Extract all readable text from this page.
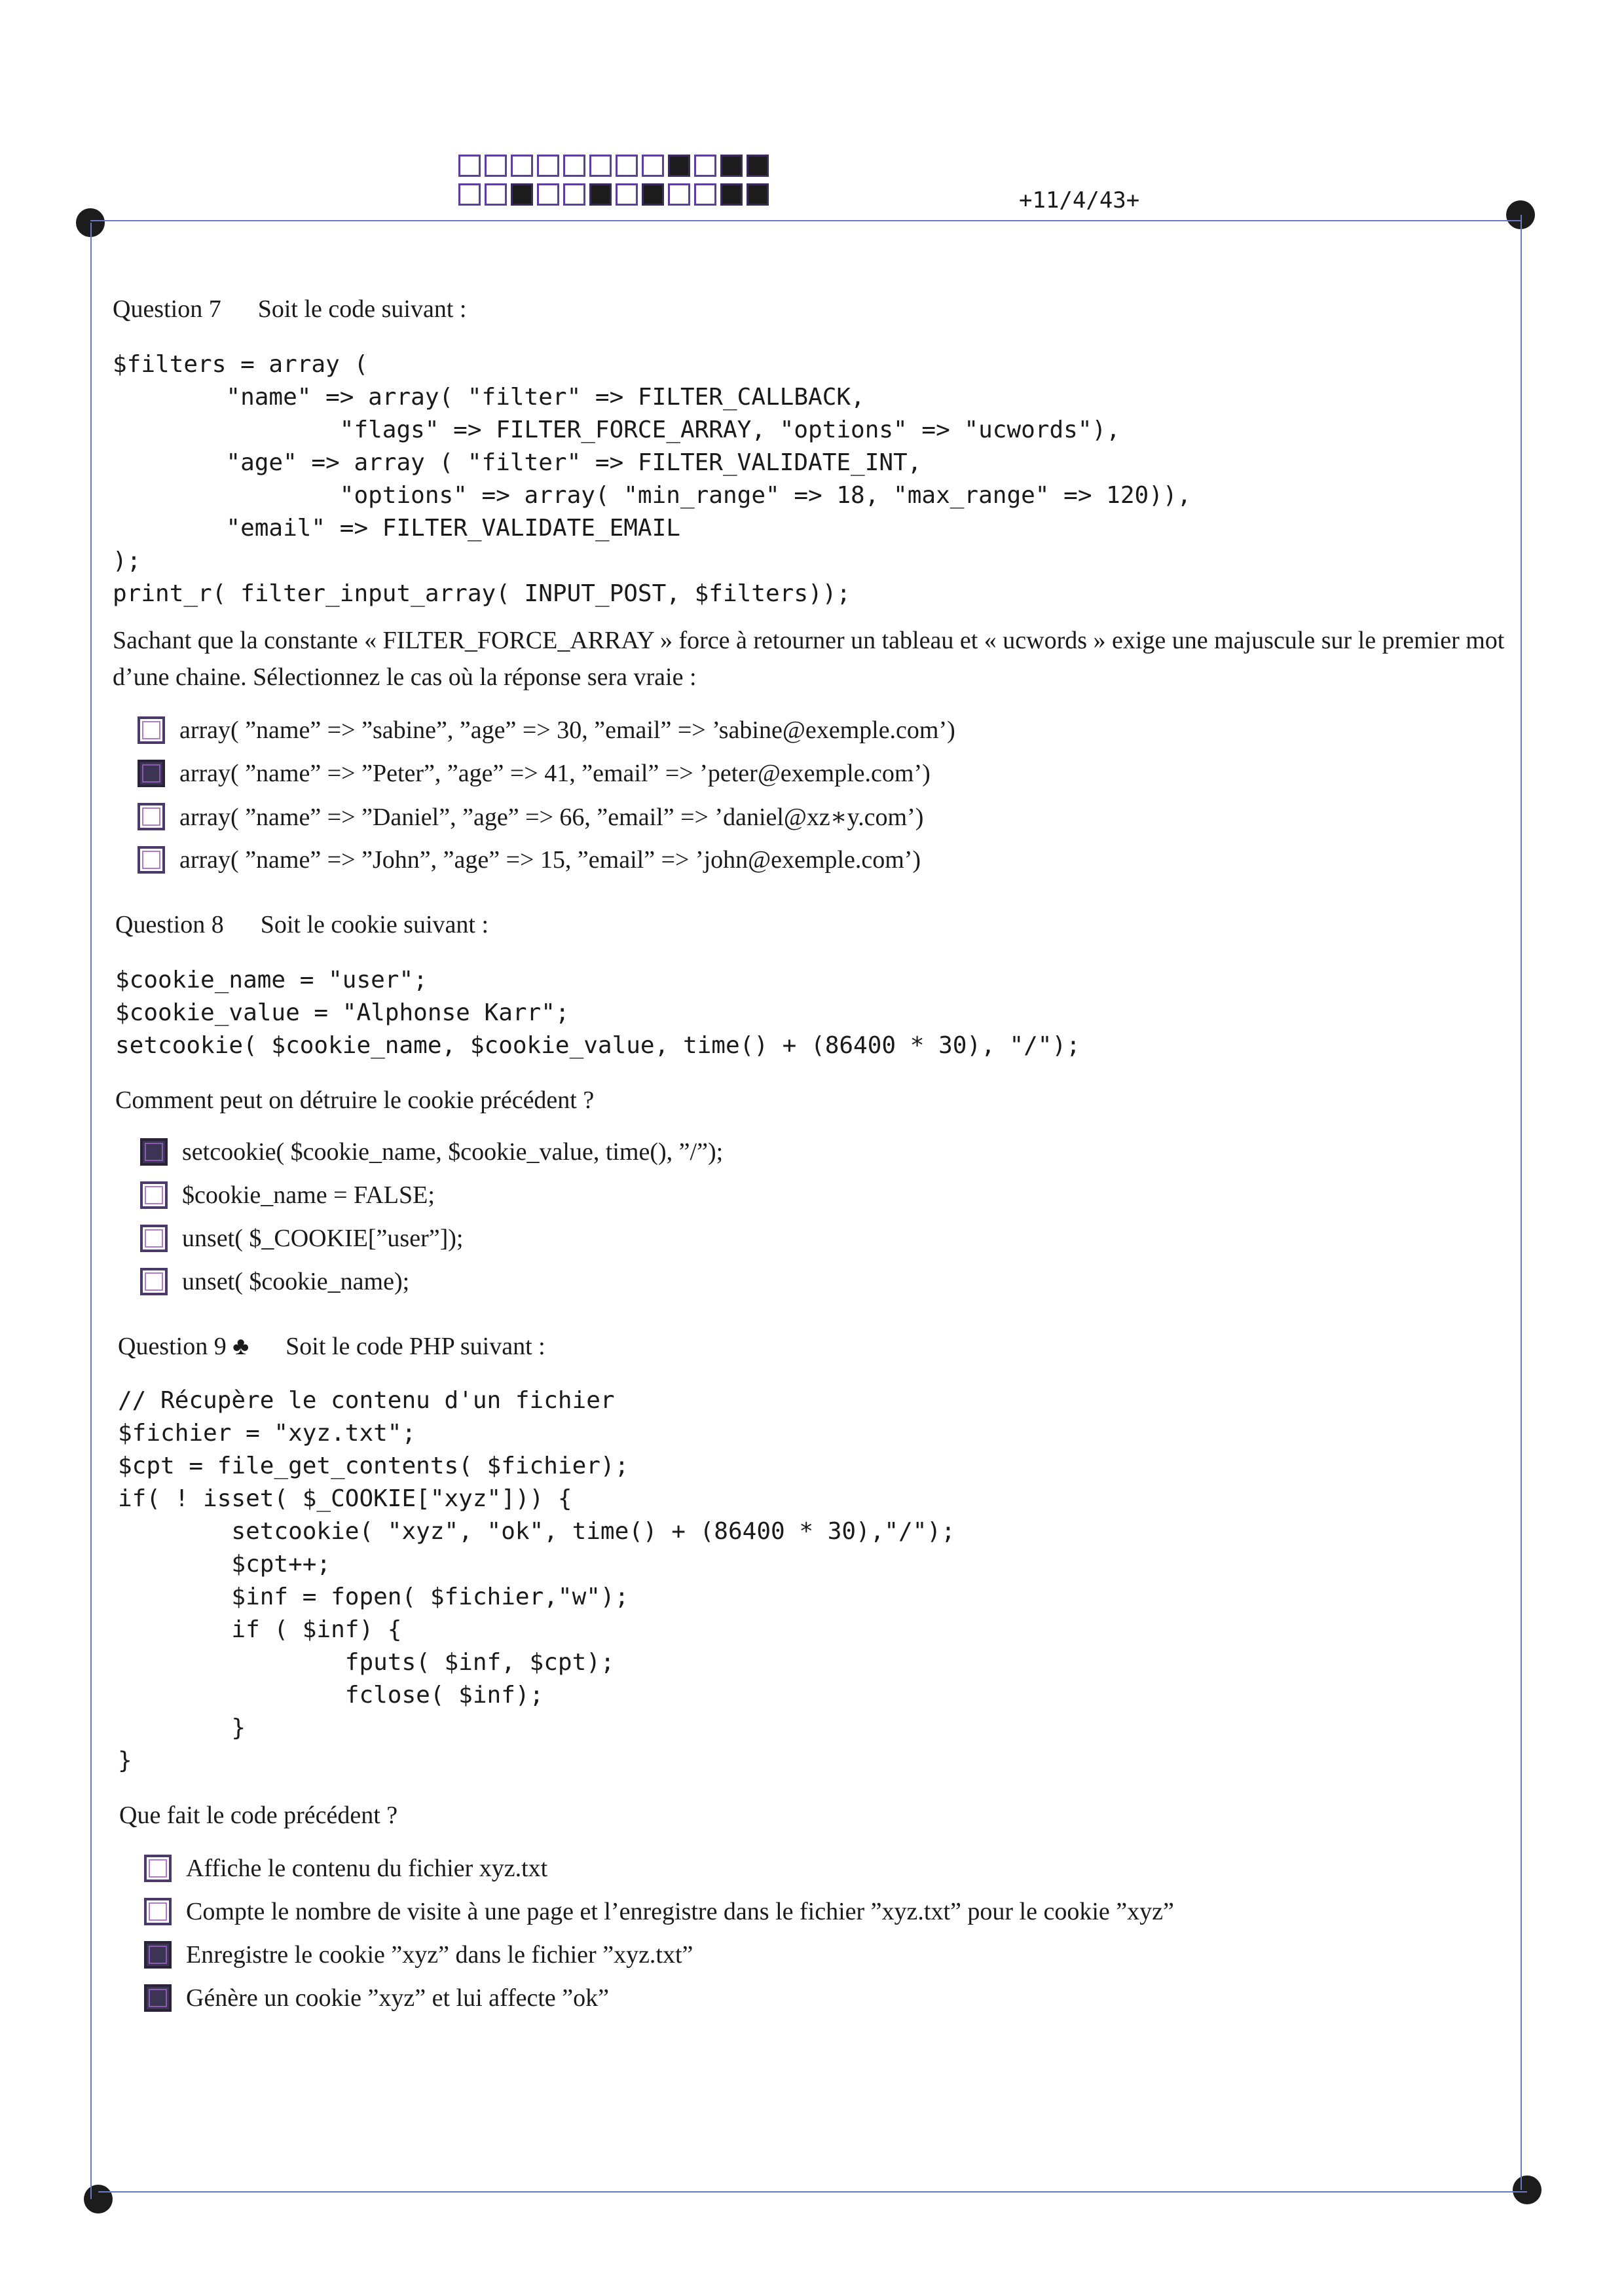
+11/4/43+
Question 7 Soit le code suivant :
$filters = array (
"name" => array( "filter" => FILTER_CALLBACK,
"flags" => FILTER_FORCE_ARRAY, "options" => "ucwords"),
"age" => array ( "filter" => FILTER_VALIDATE_INT,
"options" => array( "min_range" => 18, "max_range" => 120)),
"email" => FILTER_VALIDATE_EMAIL
);
print_r( filter_input_array( INPUT_POST, $filters));
Sachant que la constante « FILTER_FORCE_ARRAY » force à retourner un tableau et « ucwords » exige une majuscule sur le premier mot d’une chaine. Sélectionnez le cas où la réponse sera vraie :
array( ”name” => ”sabine”, ”age” => 30, ”email” => ’sabine@exemple.com’)
array( ”name” => ”Peter”, ”age” => 41, ”email” => ’peter@exemple.com’)
array( ”name” => ”Daniel”, ”age” => 66, ”email” => ’daniel@xz∗y.com’)
array( ”name” => ”John”, ”age” => 15, ”email” => ’john@exemple.com’)
Question 8 Soit le cookie suivant :
$cookie_name = "user";
$cookie_value = "Alphonse Karr";
setcookie( $cookie_name, $cookie_value, time() + (86400 * 30), "/");
Comment peut on détruire le cookie précédent ?
setcookie( $cookie_name, $cookie_value, time(), ”/”);
$cookie_name = FALSE;
unset( $_COOKIE[”user”]);
unset( $cookie_name);
Question 9 ♣ Soit le code PHP suivant :
// Récupère le contenu d'un fichier
$fichier = "xyz.txt";
$cpt = file_get_contents( $fichier);
if( ! isset( $_COOKIE["xyz"])) {
setcookie( "xyz", "ok", time() + (86400 * 30),"/");
$cpt++;
$inf = fopen( $fichier,"w");
if ( $inf) {
fputs( $inf, $cpt);
fclose( $inf);
}
}
Que fait le code précédent ?
Affiche le contenu du fichier xyz.txt
Compte le nombre de visite à une page et l’enregistre dans le fichier ”xyz.txt” pour le cookie ”xyz”
Enregistre le cookie ”xyz” dans le fichier ”xyz.txt”
Génère un cookie ”xyz” et lui affecte ”ok”
